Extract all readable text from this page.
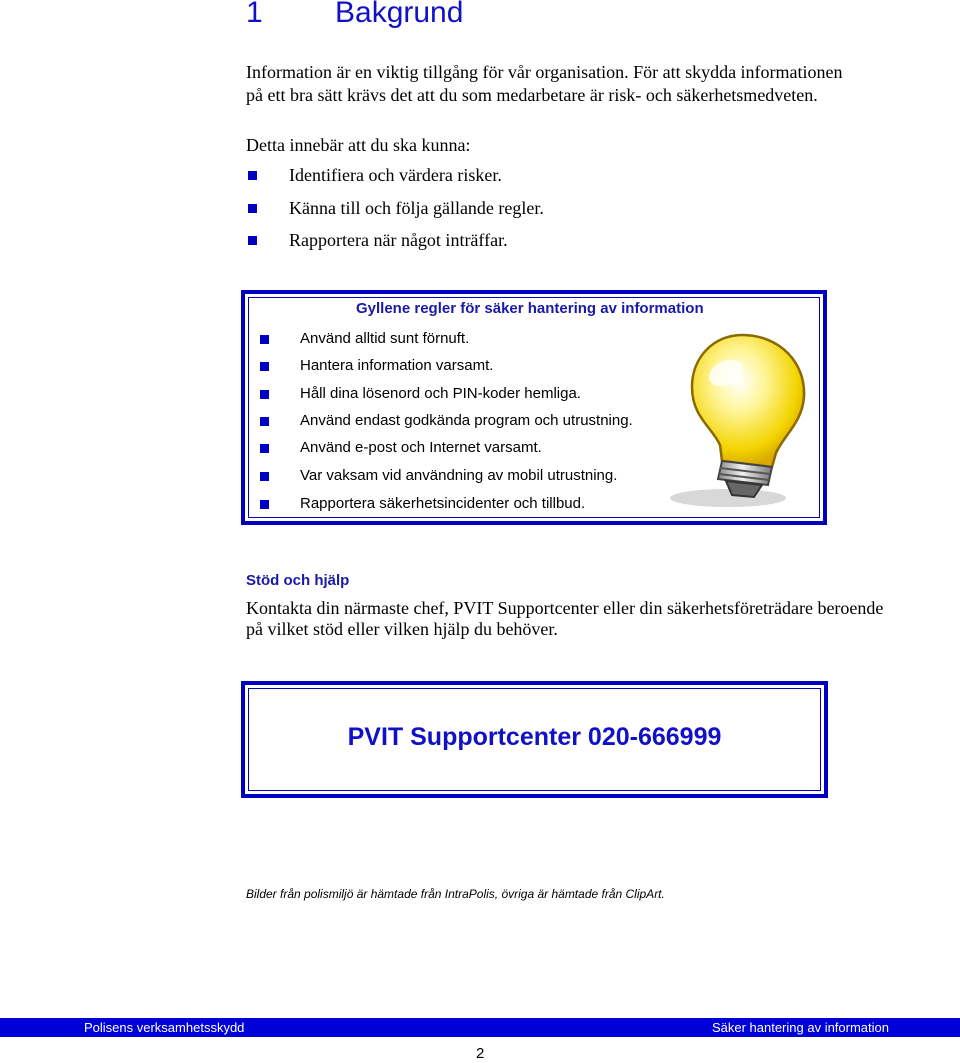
1 Bakgrund
Information är en viktig tillgång för vår organisation. För att skydda informationen på ett bra sätt krävs det att du som medarbetare är risk- och säkerhetsmedveten.
Detta innebär att du ska kunna:
Identifiera och värdera risker.
Känna till och följa gällande regler.
Rapportera när något inträffar.
Gyllene regler för säker hantering av information
Använd alltid sunt förnuft.
Hantera information varsamt.
Håll dina lösenord och PIN-koder hemliga.
Använd endast godkända program och utrustning.
Använd e-post och Internet varsamt.
Var vaksam vid användning av mobil utrustning.
Rapportera säkerhetsincidenter och tillbud.
Stöd och hjälp
Kontakta din närmaste chef, PVIT Supportcenter eller din säkerhetsföreträdare beroende på vilket stöd eller vilken hjälp du behöver.
PVIT Supportcenter 020-666999
Bilder från polismiljö är hämtade från IntraPolis, övriga är hämtade från ClipArt.
Polisens verksamhetsskydd	Säker hantering av information
2
